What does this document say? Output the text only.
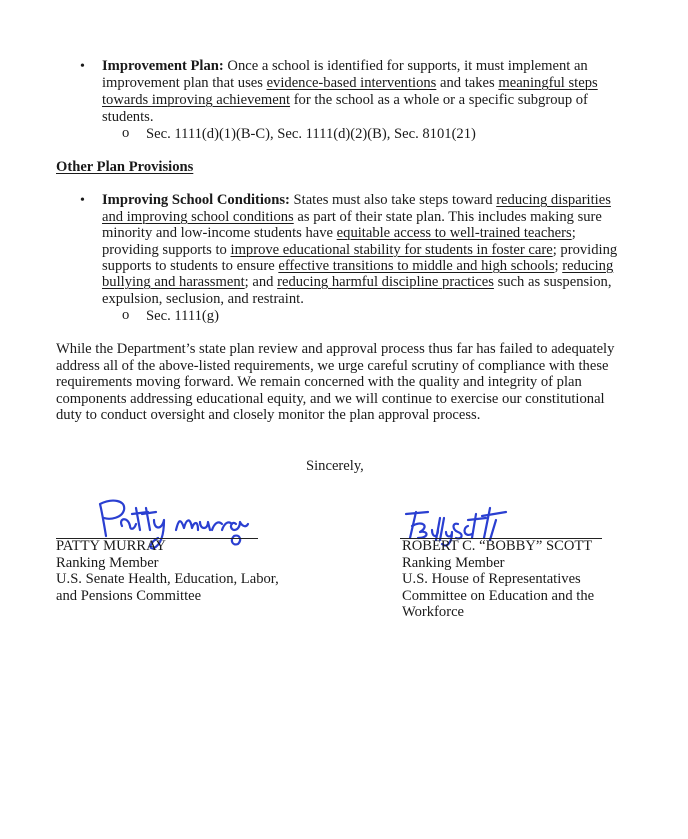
• Improvement Plan: Once a school is identified for supports, it must implement an
improvement plan that uses evidence-based interventions and takes meaningful steps
towards improving achievement for the school as a whole or a specific subgroup of
students.
o Sec. 1111(d)(1)(B-C), Sec. 1111(d)(2)(B), Sec. 8101(21)
Other Plan Provisions
• Improving School Conditions: States must also take steps toward reducing disparities
and improving school conditions as part of their state plan. This includes making sure
minority and low-income students have equitable access to well-trained teachers;
providing supports to improve educational stability for students in foster care; providing
supports to students to ensure effective transitions to middle and high schools; reducing
bullying and harassment; and reducing harmful discipline practices such as suspension,
expulsion, seclusion, and restraint.
o Sec. 1111(g)
While the Department’s state plan review and approval process thus far has failed to adequately
address all of the above-listed requirements, we urge careful scrutiny of compliance with these
requirements moving forward. We remain concerned with the quality and integrity of plan
components addressing educational equity, and we will continue to exercise our constitutional
duty to conduct oversight and closely monitor the plan approval process.
Sincerely,
PATTY MURRAY
Ranking Member
U.S. Senate Health, Education, Labor,
and Pensions Committee
ROBERT C. “BOBBY” SCOTT
Ranking Member
U.S. House of Representatives
Committee on Education and the
Workforce
